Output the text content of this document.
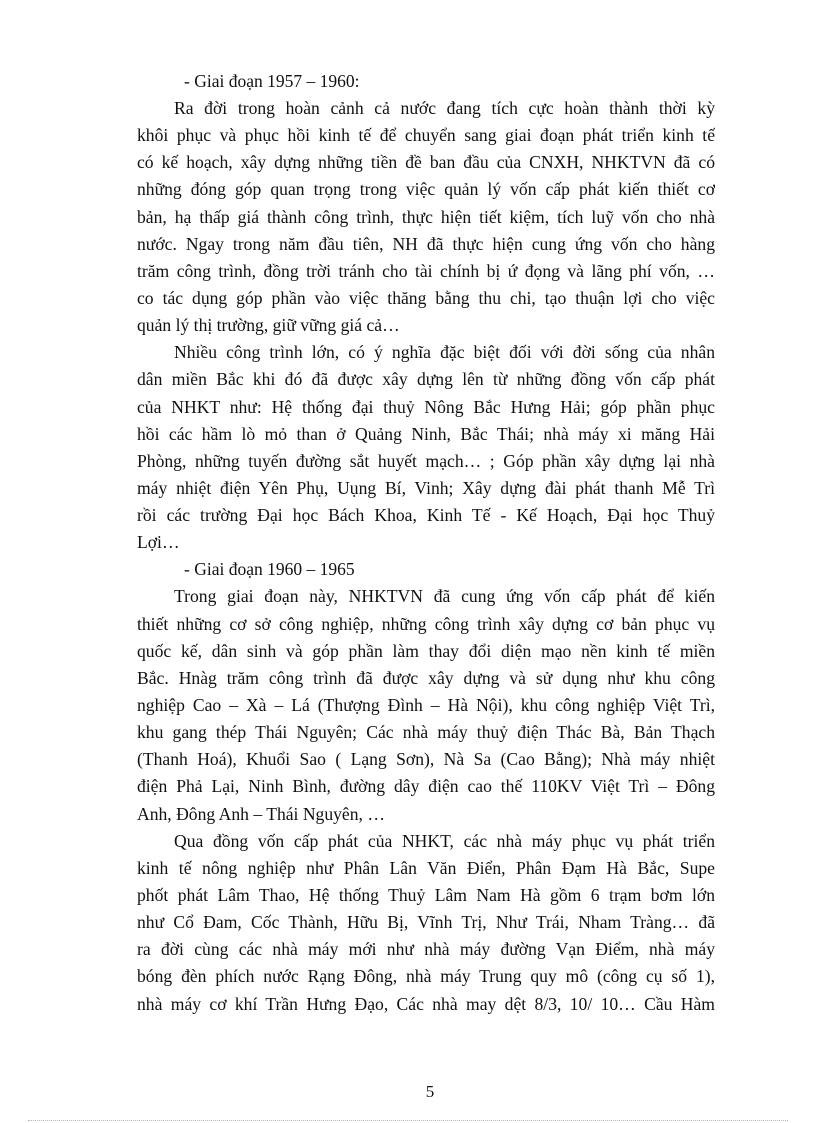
- Giai đoạn 1957 – 1960:

Ra đời trong hoàn cảnh cả nước đang tích cực hoàn thành thời kỳ
khôi phục và phục hồi kinh tế để chuyển sang giai đoạn phát triển kinh tế
có kế hoạch, xây dựng những tiền đề ban đầu của CNXH, NHKTVN đã có
những đóng góp quan trọng trong việc quản lý vốn cấp phát kiến thiết cơ
bản, hạ thấp giá thành công trình, thực hiện tiết kiệm, tích luỹ vốn cho nhà
nước. Ngay trong năm đầu tiên, NH đã thực hiện cung ứng vốn cho hàng
trăm công trình, đồng trời tránh cho tài chính bị ứ đọng và lãng phí vốn, …
co tác dụng góp phần vào việc thăng bằng thu chi, tạo thuận lợi cho việc
quản lý thị trường, giữ vững giá cả…
Nhiều công trình lớn, có ý nghĩa đặc biệt đối với đời sống của nhân
dân miền Bắc khi đó đã được xây dựng lên từ những đồng vốn cấp phát
của NHKT như: Hệ thống đại thuỷ Nông Bắc Hưng Hải; góp phần phục
hồi các hầm lò mỏ than ở Quảng Ninh, Bắc Thái; nhà máy xi măng Hải
Phòng, những tuyến đường sắt huyết mạch… ; Góp phần xây dựng lại nhà
máy nhiệt điện Yên Phụ, Uụng Bí, Vinh; Xây dựng đài phát thanh Mễ Trì
rồi các trường Đại học Bách Khoa, Kinh Tế - Kế Hoạch, Đại học Thuỷ
Lợi…

- Giai đoạn 1960 – 1965

Trong giai đoạn này, NHKTVN đã cung ứng vốn cấp phát để kiến
thiết những cơ sở công nghiệp, những công trình xây dựng cơ bản phục vụ
quốc kế, dân sinh và góp phần làm thay đổi diện mạo nền kinh tế miền
Bắc. Hnàg trăm công trình đã được xây dựng và sử dụng như khu công
nghiệp Cao – Xà – Lá (Thượng Đình – Hà Nội), khu công nghiệp Việt Trì,
khu gang thép Thái Nguyên; Các nhà máy thuỷ điện Thác Bà, Bản Thạch
(Thanh Hoá), Khuổi Sao ( Lạng Sơn), Nà Sa (Cao Bằng); Nhà máy nhiệt
điện Phả Lại, Ninh Bình, đường dây điện cao thế 110KV Việt Trì – Đông
Anh, Đông Anh – Thái Nguyên, …
Qua đồng vốn cấp phát của NHKT, các nhà máy phục vụ phát triển
kinh tế nông nghiệp như Phân Lân Văn Điển, Phân Đạm Hà Bắc, Supe
phốt phát Lâm Thao, Hệ thống Thuỷ Lâm Nam Hà gồm 6 trạm bơm lớn
như Cổ Đam, Cốc Thành, Hữu Bị, Vĩnh Trị, Như Trái, Nham Tràng… đã
ra đời cùng các nhà máy mới như nhà máy đường Vạn Điểm, nhà máy
bóng đèn phích nước Rạng Đông, nhà máy Trung quy mô (công cụ số 1),
nhà máy cơ khí Trần Hưng Đạo, Các nhà may dệt 8/3, 10/ 10… Cầu Hàm
5
